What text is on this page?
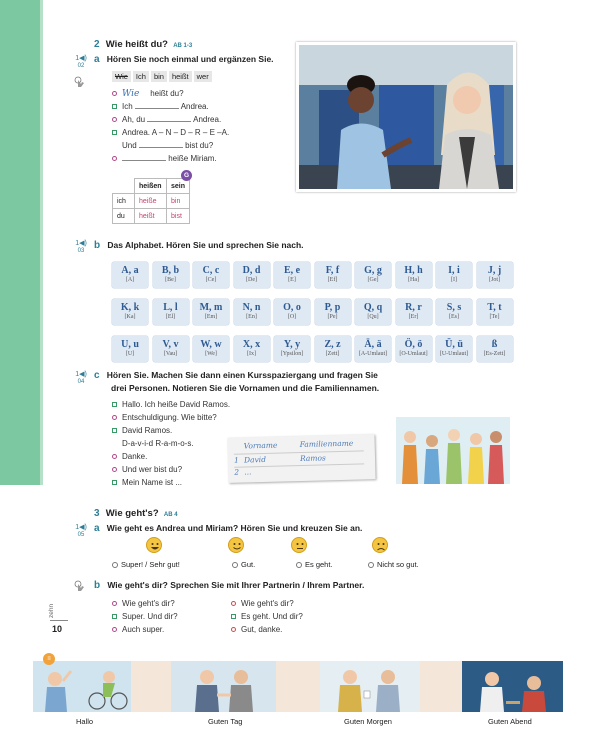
2 Wie heißt du? AB 1-3
1◀)
02
a Hören Sie noch einmal und ergänzen Sie.
Wie Ich bin heißt wer
Wie heißt du?
Ich	Andrea.
Ah, du	Andrea.
Andrea. A – N – D – R – E –A.
Und	bist du?
heiße Miriam.
G
	heißen	sein
ich	heiße	bin
du	heißt	bist
1◀)
03 b Das Alphabet. Hören Sie und sprechen Sie nach.
A, a
[A]
B, b
[Be]
C, c
[Ce]
D, d
[De]
E, e
[E]
F, f
[Ef]
G, g
[Ge]
H, h
[Ha]
I, i
[I]
J, j
[Jot]
K, k
[Ka]
L, l
[El]
M, m
[Em]
N, n
[En]
O, o
[O]
P, p
[Pe]
Q, q
[Qu]
R, r
[Er]
S, s
[Es]
T, t
[Te]
U, u
[U]
V, v
[Vau]
W, w
[We]
X, x
[Ix]
Y, y
[Ypsilon]
Z, z
[Zett]
Ä, ä
[A-Umlaut]
Ö, ö
[O-Umlaut]
Ü, ü
[U-Umlaut]
ß
[Es-Zett]
1◀)
04
c Hören Sie. Machen Sie dann einen Kursspaziergang und fragen Sie
drei Personen. Notieren Sie die Vornamen und die Familiennamen.
Hallo. Ich heiße David Ramos.
Entschuldigung. Wie bitte?
David Ramos.
D-a-v-i-d R-a-m-o-s.
Danke.
Und wer bist du?
Mein Name ist ...
Vorname	Familienname
1 David	Ramos
2 ...
3 Wie geht's? AB 4
1◀)
05
a Wie geht es Andrea und Miriam? Hören Sie und kreuzen Sie an.
Super! / Sehr gut!	Gut.	Es geht.	Nicht so gut.
b Wie geht's dir? Sprechen Sie mit Ihrer Partnerin / Ihrem Partner.
Wie geht's dir?
Super. Und dir?
Auch super.
Wie geht's dir?
Es geht. Und dir?
Gut, danke.
zehn
10
≡
Hallo	Guten Tag	Guten Morgen	Guten Abend
